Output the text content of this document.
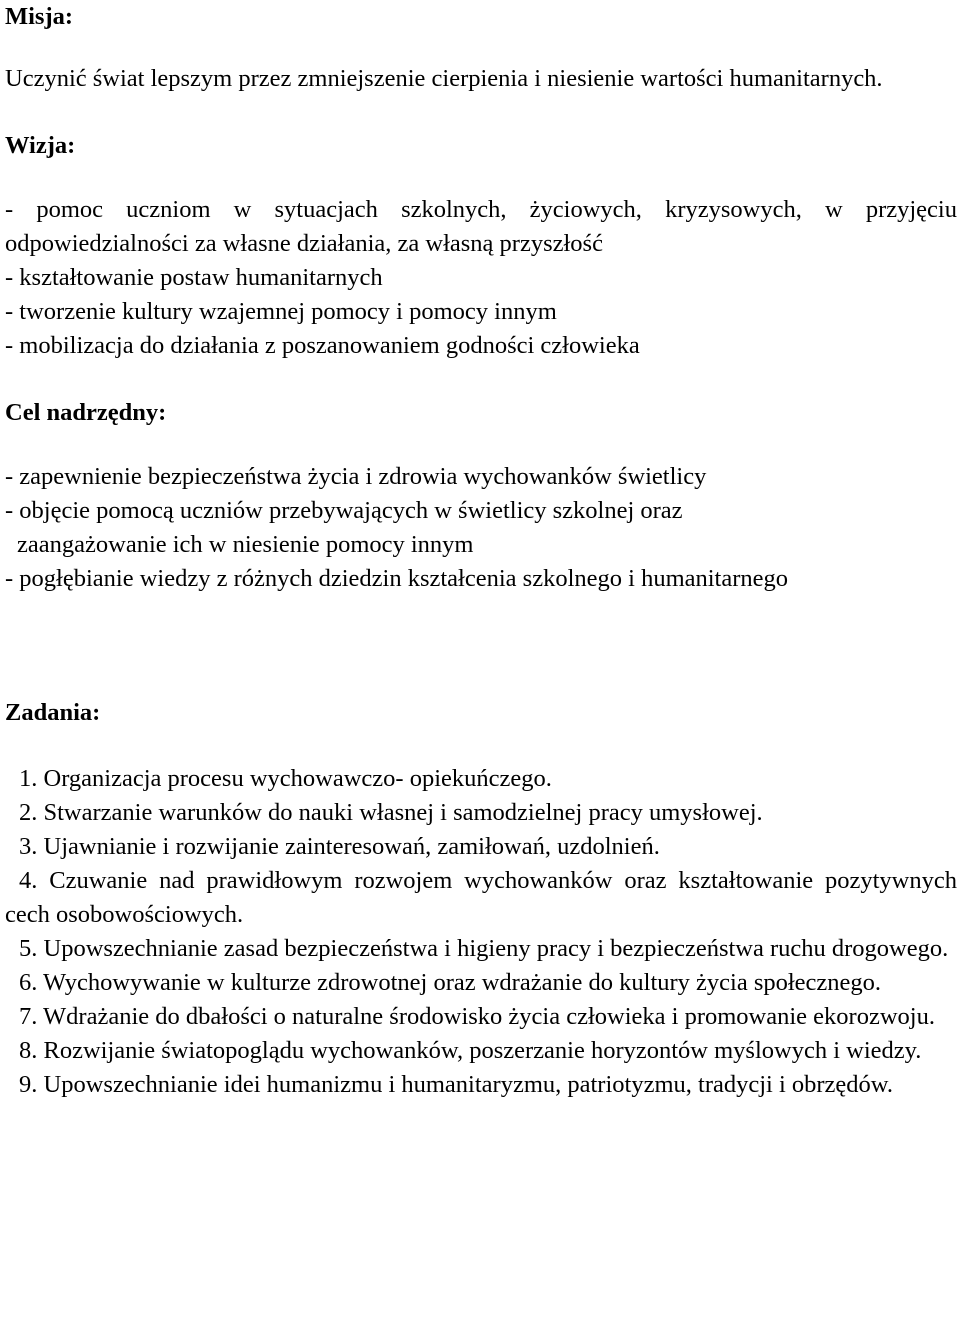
Misja:

Uczynić świat lepszym przez zmniejszenie cierpienia i niesienie wartości humanitarnych.

Wizja:

- pomoc uczniom w sytuacjach szkolnych, życiowych, kryzysowych, w przyjęciu odpowiedzialności za własne działania, za własną przyszłość

- kształtowanie postaw humanitarnych

- tworzenie kultury wzajemnej pomocy i pomocy innym

- mobilizacja do działania z poszanowaniem godności człowieka

Cel nadrzędny:

- zapewnienie bezpieczeństwa życia i zdrowia wychowanków świetlicy

- objęcie pomocą uczniów przebywających w świetlicy szkolnej oraz

zaangażowanie ich w niesienie pomocy innym

- pogłębianie wiedzy z różnych dziedzin kształcenia szkolnego i humanitarnego

Zadania:

1. Organizacja procesu wychowawczo- opiekuńczego.

2. Stwarzanie warunków do nauki własnej i samodzielnej pracy umysłowej.

3. Ujawnianie i rozwijanie zainteresowań, zamiłowań, uzdolnień.

4. Czuwanie nad prawidłowym rozwojem wychowanków oraz kształtowanie pozytywnych cech osobowościowych.

5. Upowszechnianie zasad bezpieczeństwa i higieny pracy i bezpieczeństwa ruchu drogowego.

6. Wychowywanie w kulturze zdrowotnej oraz wdrażanie do kultury życia społecznego.

7. Wdrażanie do dbałości o naturalne środowisko życia człowieka i promowanie ekorozwoju.

8. Rozwijanie światopoglądu wychowanków, poszerzanie horyzontów myślowych i wiedzy.

9. Upowszechnianie idei humanizmu i humanitaryzmu, patriotyzmu, tradycji i obrzędów.
